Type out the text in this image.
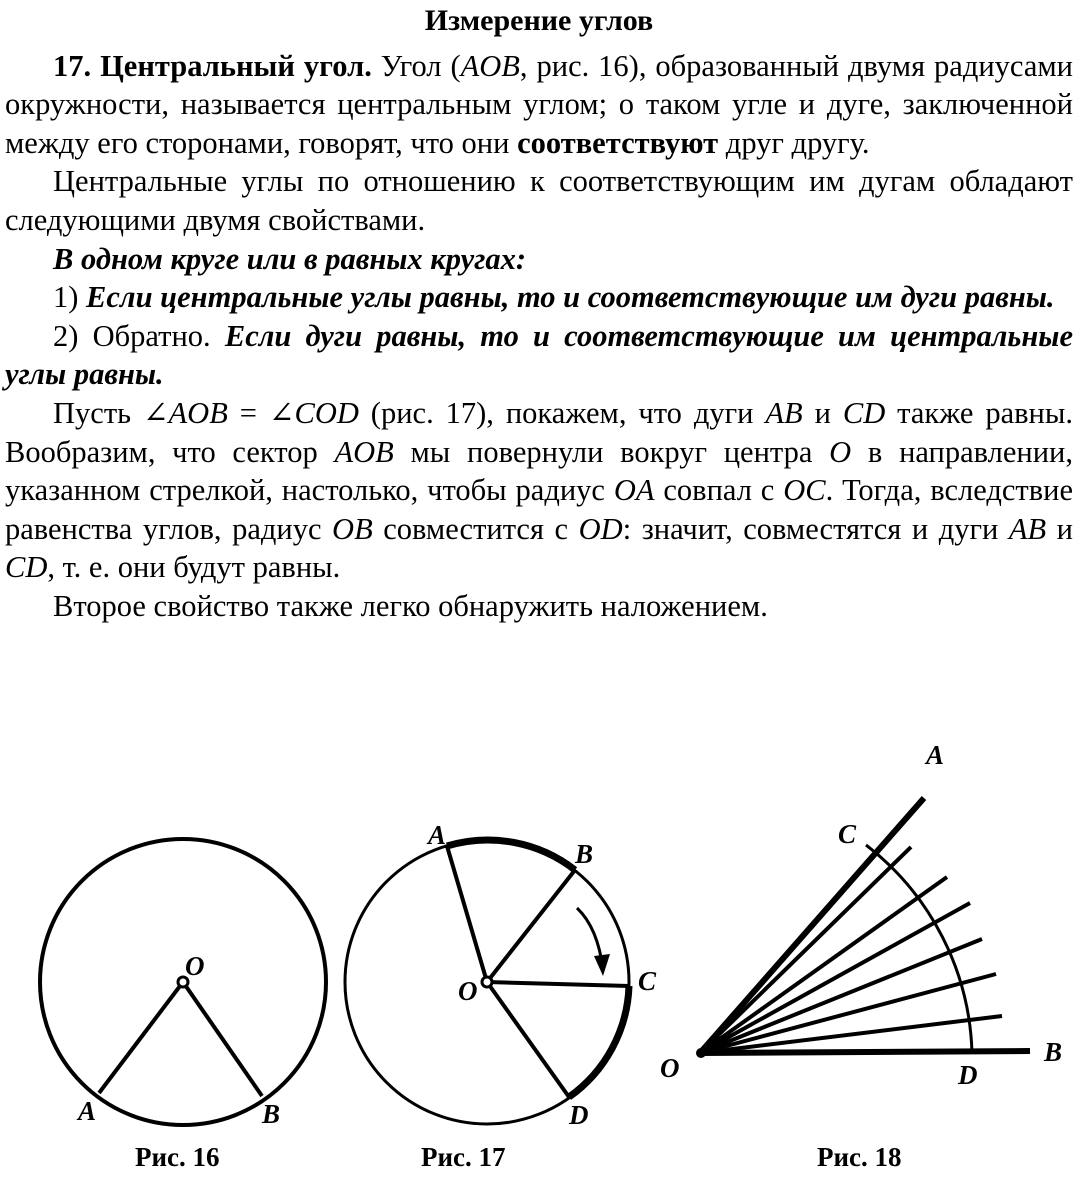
Измерение углов

17. Центральный угол. Угол (AOB, рис. 16), образованный двумя радиусами окружности, называется центральным углом; о таком угле и дуге, заключенной между его сторонами, говорят, что они соответствуют друг другу.

Центральные углы по отношению к соответствующим им дугам обладают следующими двумя свойствами.

В одном круге или в равных кругах:

1) Если центральные углы равны, то и соответствующие им дуги равны.

2) Обратно. Если дуги равны, то и соответствующие им центральные углы равны.

Пусть ∠AOB = ∠COD (рис. 17), покажем, что дуги AB и CD также равны. Вообразим, что сектор AOB мы повернули вокруг центра O в направлении, указанном стрелкой, настолько, чтобы радиус OA совпал с OC. Тогда, вследствие равенства углов, радиус OB совместится с OD: значит, совместятся и дуги AB и CD, т. е. они будут равны.

Второе свойство также легко обнаружить наложением.

O
A	B
O
A
B
C
D
O
A
B
C
D
Рис. 16	Рис. 17	Рис. 18
